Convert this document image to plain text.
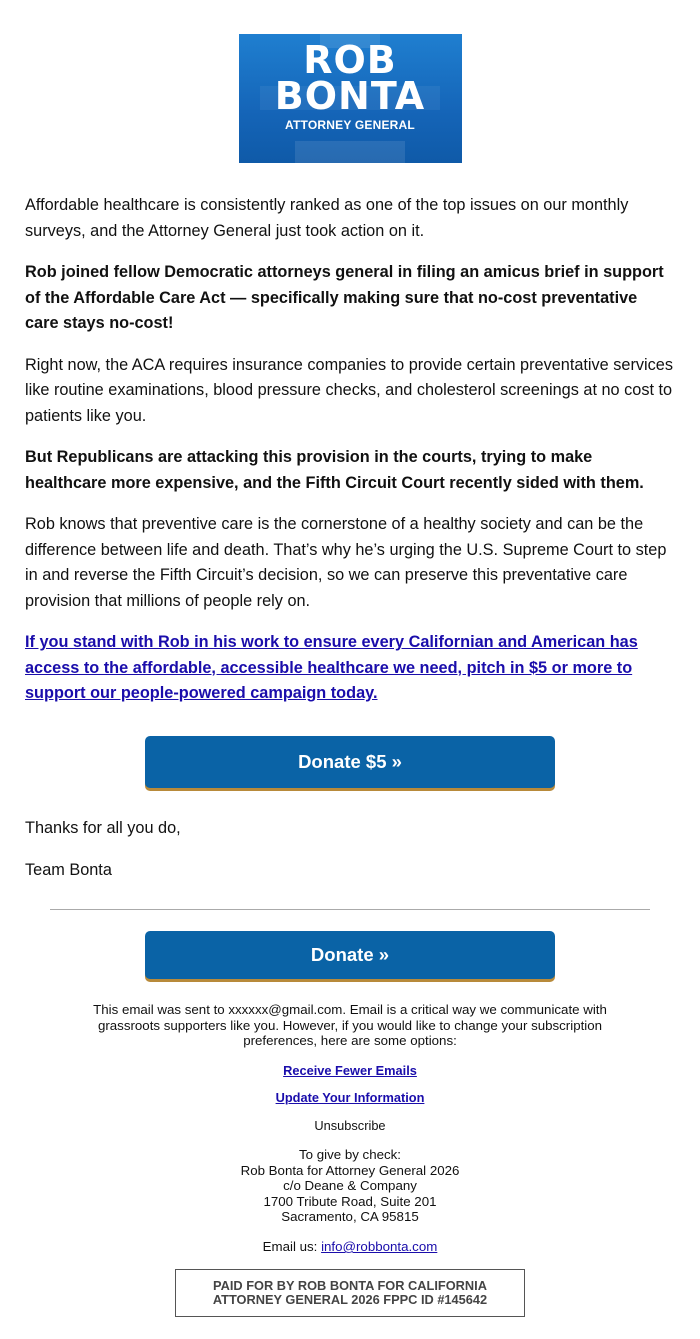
ROB
BONTA
ATTORNEY GENERAL

Affordable healthcare is consistently ranked as one of the top issues on our monthly surveys, and the Attorney General just took action on it.

Rob joined fellow Democratic attorneys general in filing an amicus brief in support of the Affordable Care Act — specifically making sure that no-cost preventative care stays no-cost!

Right now, the ACA requires insurance companies to provide certain preventative services like routine examinations, blood pressure checks, and cholesterol screenings at no cost to patients like you.

But Republicans are attacking this provision in the courts, trying to make healthcare more expensive, and the Fifth Circuit Court recently sided with them.

Rob knows that preventive care is the cornerstone of a healthy society and can be the difference between life and death. That’s why he’s urging the U.S. Supreme Court to step in and reverse the Fifth Circuit’s decision, so we can preserve this preventative care provision that millions of people rely on.

If you stand with Rob in his work to ensure every Californian and American has access to the affordable, accessible healthcare we need, pitch in $5 or more to support our people-powered campaign today.

Donate $5 »
Thanks for all you do,
Team Bonta
Donate »
This email was sent to xxxxxx@gmail.com. Email is a critical way we communicate with grassroots supporters like you. However, if you would like to change your subscription preferences, here are some options:
Receive Fewer Emails
Update Your Information
Unsubscribe
To give by check:
Rob Bonta for Attorney General 2026
c/o Deane & Company
1700 Tribute Road, Suite 201
Sacramento, CA 95815
Email us: info@robbonta.com
PAID FOR BY ROB BONTA FOR CALIFORNIA
ATTORNEY GENERAL 2026 FPPC ID #145642
